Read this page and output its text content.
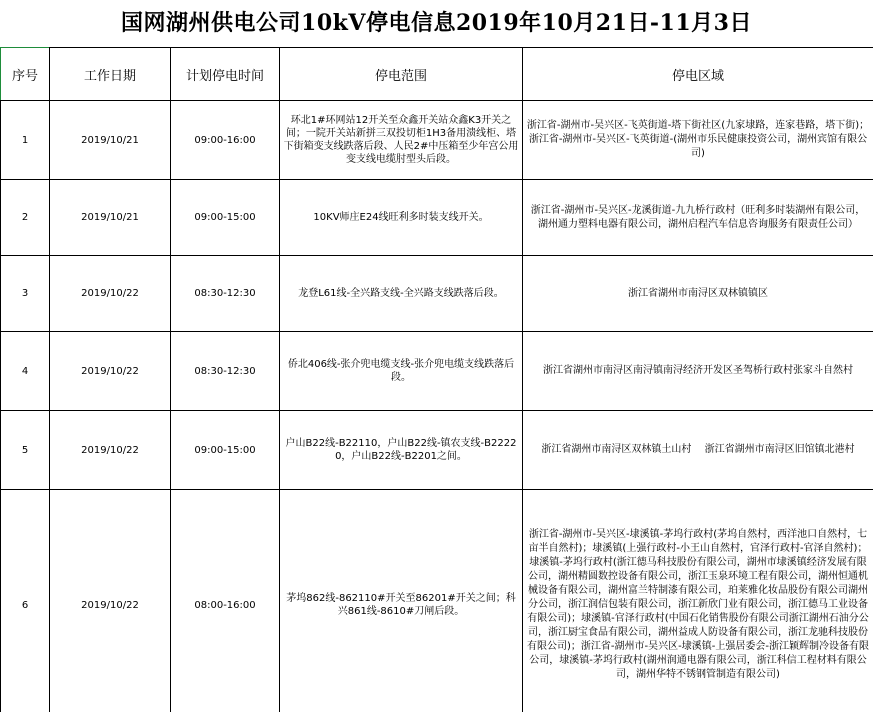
国网湖州供电公司10kV停电信息2019年10月21日-11月3日
序号	工作日期	计划停电时间	停电范围	停电区域
1	2019/10/21	09:00-16:00	环北1#环网站12开关至众鑫开关站众鑫K3开关之间；一院开关站新拼三双投切柜1H3备用溃线柜、塔下街箱变支线跌落后段、人民2#中压箱至少年宫公用变支线电缆肘型头后段。	浙江省-湖州市-吴兴区-飞英街道-塔下街社区(九家埭路，连家巷路，塔下街)；浙江省-湖州市-吴兴区-飞英街道-(湖州市乐民健康投资公司，湖州宾馆有限公司)
2	2019/10/21	09:00-15:00	10KV师庄E24线旺利多时装支线开关。	浙江省-湖州市-吴兴区-龙溪街道-九九桥行政村（旺利多时装湖州有限公司，湖州通力塑料电器有限公司，湖州启程汽车信息咨询服务有限责任公司）
3	2019/10/22	08:30-12:30	龙登L61线-全兴路支线-全兴路支线跌落后段。	浙江省湖州市南浔区双林镇镇区
4	2019/10/22	08:30-12:30	侨北406线-张介兜电缆支线-张介兜电缆支线跌落后段。	浙江省湖州市南浔区南浔镇南浔经济开发区圣驾桥行政村张家斗自然村
5	2019/10/22	09:00-15:00	户山B22线-B22110，户山B22线-镇农支线-B22220，户山B22线-B2201之间。	浙江省湖州市南浔区双林镇土山村　 浙江省湖州市南浔区旧馆镇北港村
6	2019/10/22	08:00-16:00	茅坞862线-862110#开关至86201#开关之间；科兴861线-8610#刀闸后段。	浙江省-湖州市-吴兴区-埭溪镇-茅坞行政村(茅坞自然村，西洋池口自然村，七亩半自然村)；埭溪镇(上强行政村-小王山自然村，官泽行政村-官泽自然村)；埭溪镇-茅坞行政村(浙江德马科技股份有限公司，湖州市埭溪镇经济发展有限公司，湖州精圆数控设备有限公司，浙江玉泉环境工程有限公司，湖州恒通机械设备有限公司，湖州富兰特制漆有限公司，珀莱雅化妆品股份有限公司湖州分公司，浙江润信包装有限公司，浙江新欣门业有限公司，浙江德马工业设备有限公司)；埭溪镇-官泽行政村(中国石化销售股份有限公司浙江湖州石油分公司，浙江厨宝食品有限公司，湖州益成人防设备有限公司，浙江龙驰科技股份有限公司)；浙江省-湖州市-吴兴区-埭溪镇-上强居委会-浙江颖辉制冷设备有限公司，埭溪镇-茅坞行政村(湖州润通电器有限公司，浙江科信工程材料有限公司，湖州华特不锈钢管制造有限公司)
